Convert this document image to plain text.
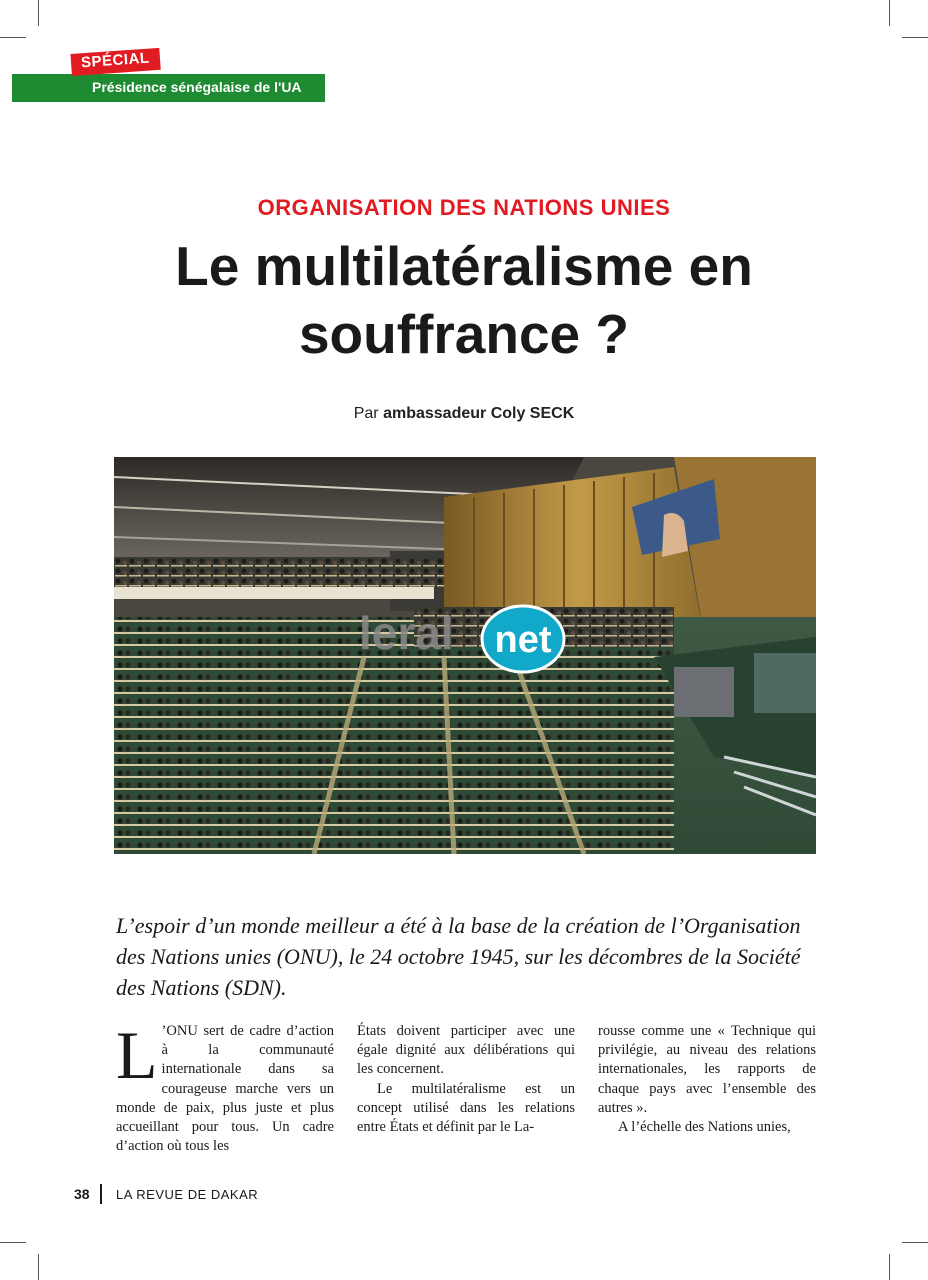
Présidence sénégalaise de l'UA
SPÉCIAL
ORGANISATION DES NATIONS UNIES
Le multilatéralisme en souffrance ?
Par ambassadeur Coly SECK
leral net

L’espoir d’un monde meilleur a été à la base de la création de l’Organisation des Nations unies (ONU), le 24 octobre 1945, sur les décombres de la Société des Nations (SDN).

L ’ONU sert de cadre d’action à la communauté internationale dans sa courageuse marche vers un monde de paix, plus juste et plus accueillant pour tous. Un cadre d’action où tous les

États doivent participer avec une égale dignité aux délibérations qui les concernent.

Le multilatéralisme est un concept utilisé dans les relations entre États et définit par le La-

rousse comme une « Technique qui privilégie, au niveau des relations internationales, les rapports de chaque pays avec l’ensemble des autres ».

A l’échelle des Nations unies,

38 LA REVUE DE DAKAR
